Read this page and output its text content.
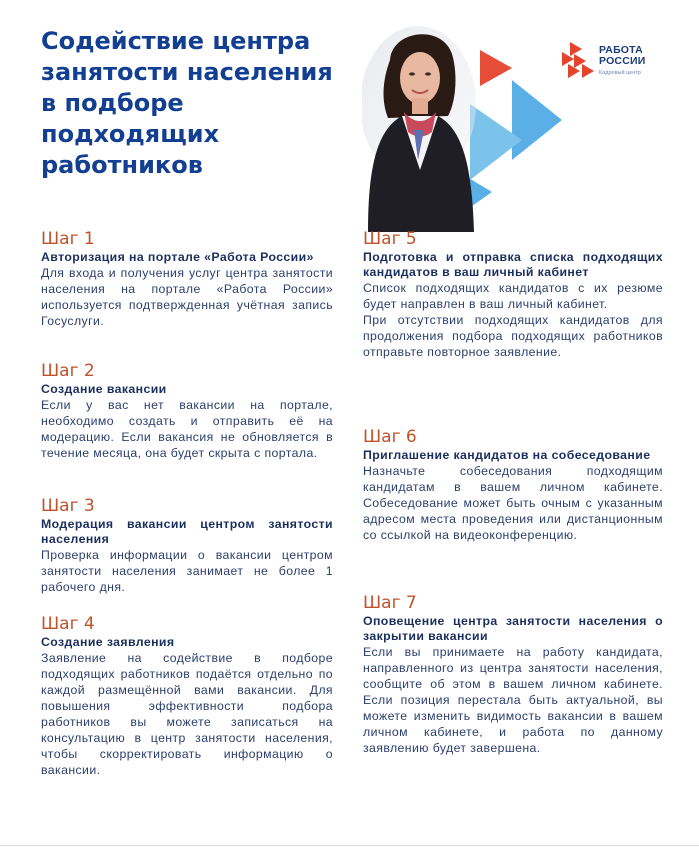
Содействие центра занятости населения в подборе подходящих работников
РАБОТА
РОССИИ
Кадровый центр

Шаг 1

Авторизация на портале «Работа России»

Для входа и получения услуг центра занятости населения на портале «Работа России» используется подтвержденная учётная запись Госуслуги.

Шаг 2

Создание вакансии

Если у вас нет вакансии на портале, необходимо создать и отправить её на модерацию. Если вакансия не обновляется в течение месяца, она будет скрыта с портала.

Шаг 3

Модерация вакансии центром занятости населения

Проверка информации о вакансии центром занятости населения занимает не более 1 рабочего дня.

Шаг 4

Создание заявления

Заявление на содействие в подборе подходящих работников подаётся отдельно по каждой размещённой вами вакансии. Для повышения эффективности подбора работников вы можете записаться на консультацию в центр занятости населения, чтобы скорректировать информацию о вакансии.

Шаг 5

Подготовка и отправка списка подходящих кандидатов в ваш личный кабинет

Список подходящих кандидатов с их резюме будет направлен в ваш личный кабинет.

При отсутствии подходящих кандидатов для продолжения подбора подходящих работников отправьте повторное заявление.

Шаг 6

Приглашение кандидатов на собеседование

Назначьте собеседования подходящим кандидатам в вашем личном кабинете. Собеседование может быть очным с указанным адресом места проведения или дистанционным со ссылкой на видеоконференцию.

Шаг 7

Оповещение центра занятости населения о закрытии вакансии

Если вы принимаете на работу кандидата, направленного из центра занятости населения, сообщите об этом в вашем личном кабинете. Если позиция перестала быть актуальной, вы можете изменить видимость вакансии в вашем личном кабинете, и работа по данному заявлению будет завершена.
